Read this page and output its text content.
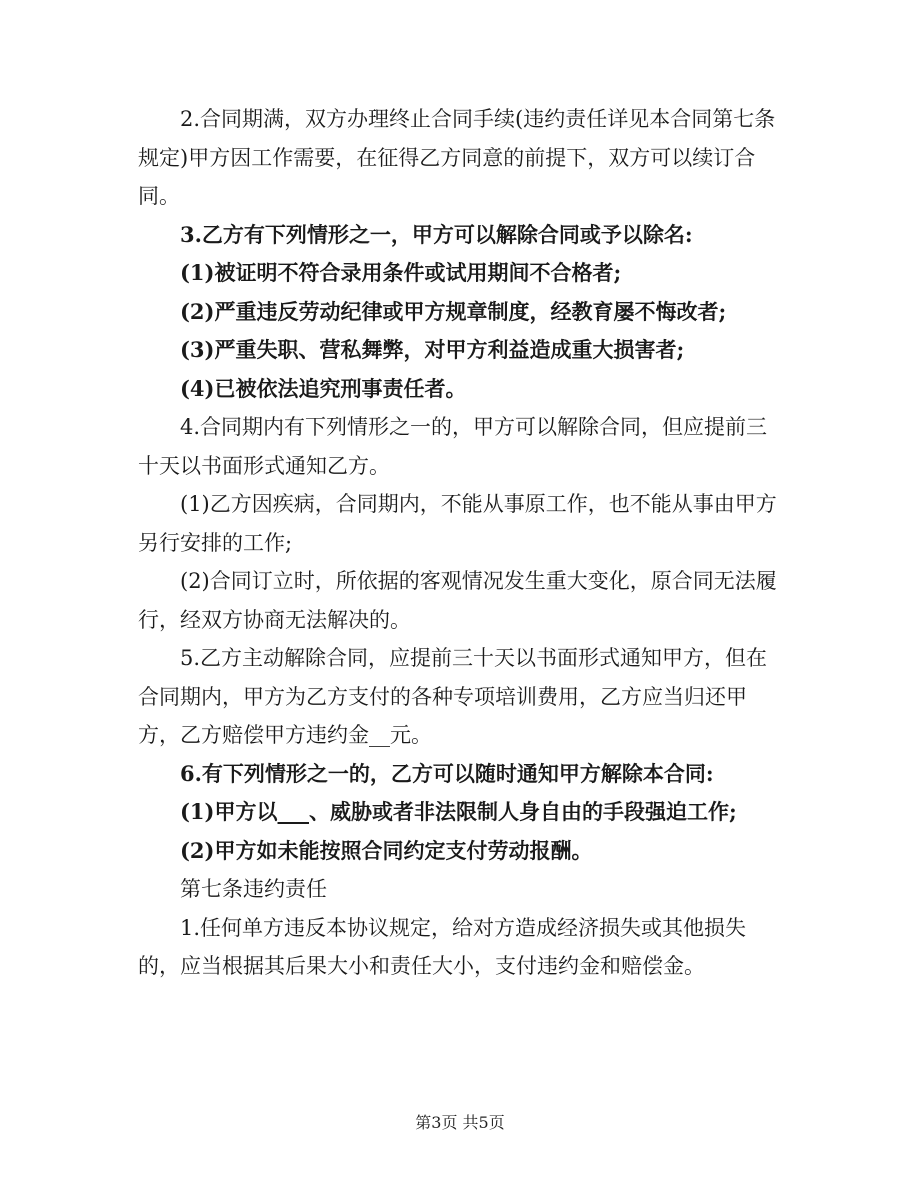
2.合同期满，双方办理终止合同手续(违约责任详见本合同第七条规定)甲方因工作需要，在征得乙方同意的前提下，双方可以续订合同。

3.乙方有下列情形之一，甲方可以解除合同或予以除名:

(1)被证明不符合录用条件或试用期间不合格者;

(2)严重违反劳动纪律或甲方规章制度，经教育屡不悔改者;

(3)严重失职、营私舞弊，对甲方利益造成重大损害者;

(4)已被依法追究刑事责任者。

4.合同期内有下列情形之一的，甲方可以解除合同，但应提前三十天以书面形式通知乙方。

(1)乙方因疾病，合同期内，不能从事原工作，也不能从事由甲方另行安排的工作;

(2)合同订立时，所依据的客观情况发生重大变化，原合同无法履行，经双方协商无法解决的。

5.乙方主动解除合同，应提前三十天以书面形式通知甲方，但在合同期内，甲方为乙方支付的各种专项培训费用，乙方应当归还甲方，乙方赔偿甲方违约金__元。

6.有下列情形之一的，乙方可以随时通知甲方解除本合同:

(1)甲方以___、威胁或者非法限制人身自由的手段强迫工作;

(2)甲方如未能按照合同约定支付劳动报酬。

第七条违约责任

1.任何单方违反本协议规定，给对方造成经济损失或其他损失的，应当根据其后果大小和责任大小，支付违约金和赔偿金。

第3页 共5页
